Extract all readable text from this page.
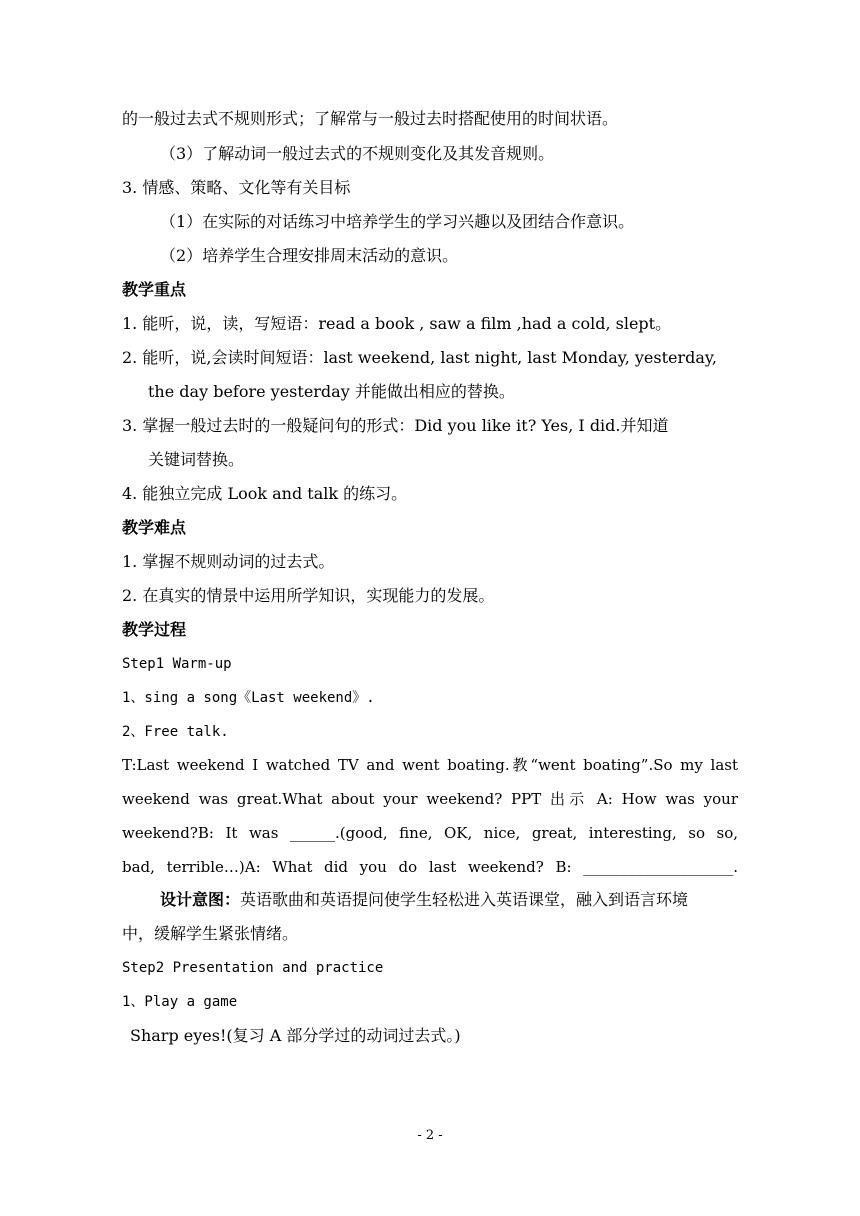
的一般过去式不规则形式；了解常与一般过去时搭配使用的时间状语。
（3）了解动词一般过去式的不规则变化及其发音规则。
3. 情感、策略、文化等有关目标
（1）在实际的对话练习中培养学生的学习兴趣以及团结合作意识。
（2）培养学生合理安排周末活动的意识。
教学重点
1. 能听，说，读，写短语：read a book , saw a film ,had a cold, slept。
2. 能听，说,会读时间短语：last weekend, last night, last Monday, yesterday,
the day before yesterday 并能做出相应的替换。
3. 掌握一般过去时的一般疑问句的形式：Did you like it? Yes, I did.并知道
关键词替换。
4. 能独立完成 Look and talk 的练习。
教学难点
1. 掌握不规则动词的过去式。
2. 在真实的情景中运用所学知识，实现能力的发展。
教学过程
Step1 Warm-up
1、sing a song《Last weekend》.
2、Free talk.
T:Last weekend I watched TV and went boating.教“went boating”.So my last
weekend was great.What about your weekend? PPT 出示 A: How was your
weekend?B: It was ______.(good, fine, OK, nice, great, interesting, so so,
bad, terrible…)A: What did you do last weekend? B: ____________________.
设计意图：英语歌曲和英语提问使学生轻松进入英语课堂，融入到语言环境
中，缓解学生紧张情绪。
Step2 Presentation and practice
1、Play a game
Sharp eyes!(复习 A 部分学过的动词过去式。)
- 2 -
